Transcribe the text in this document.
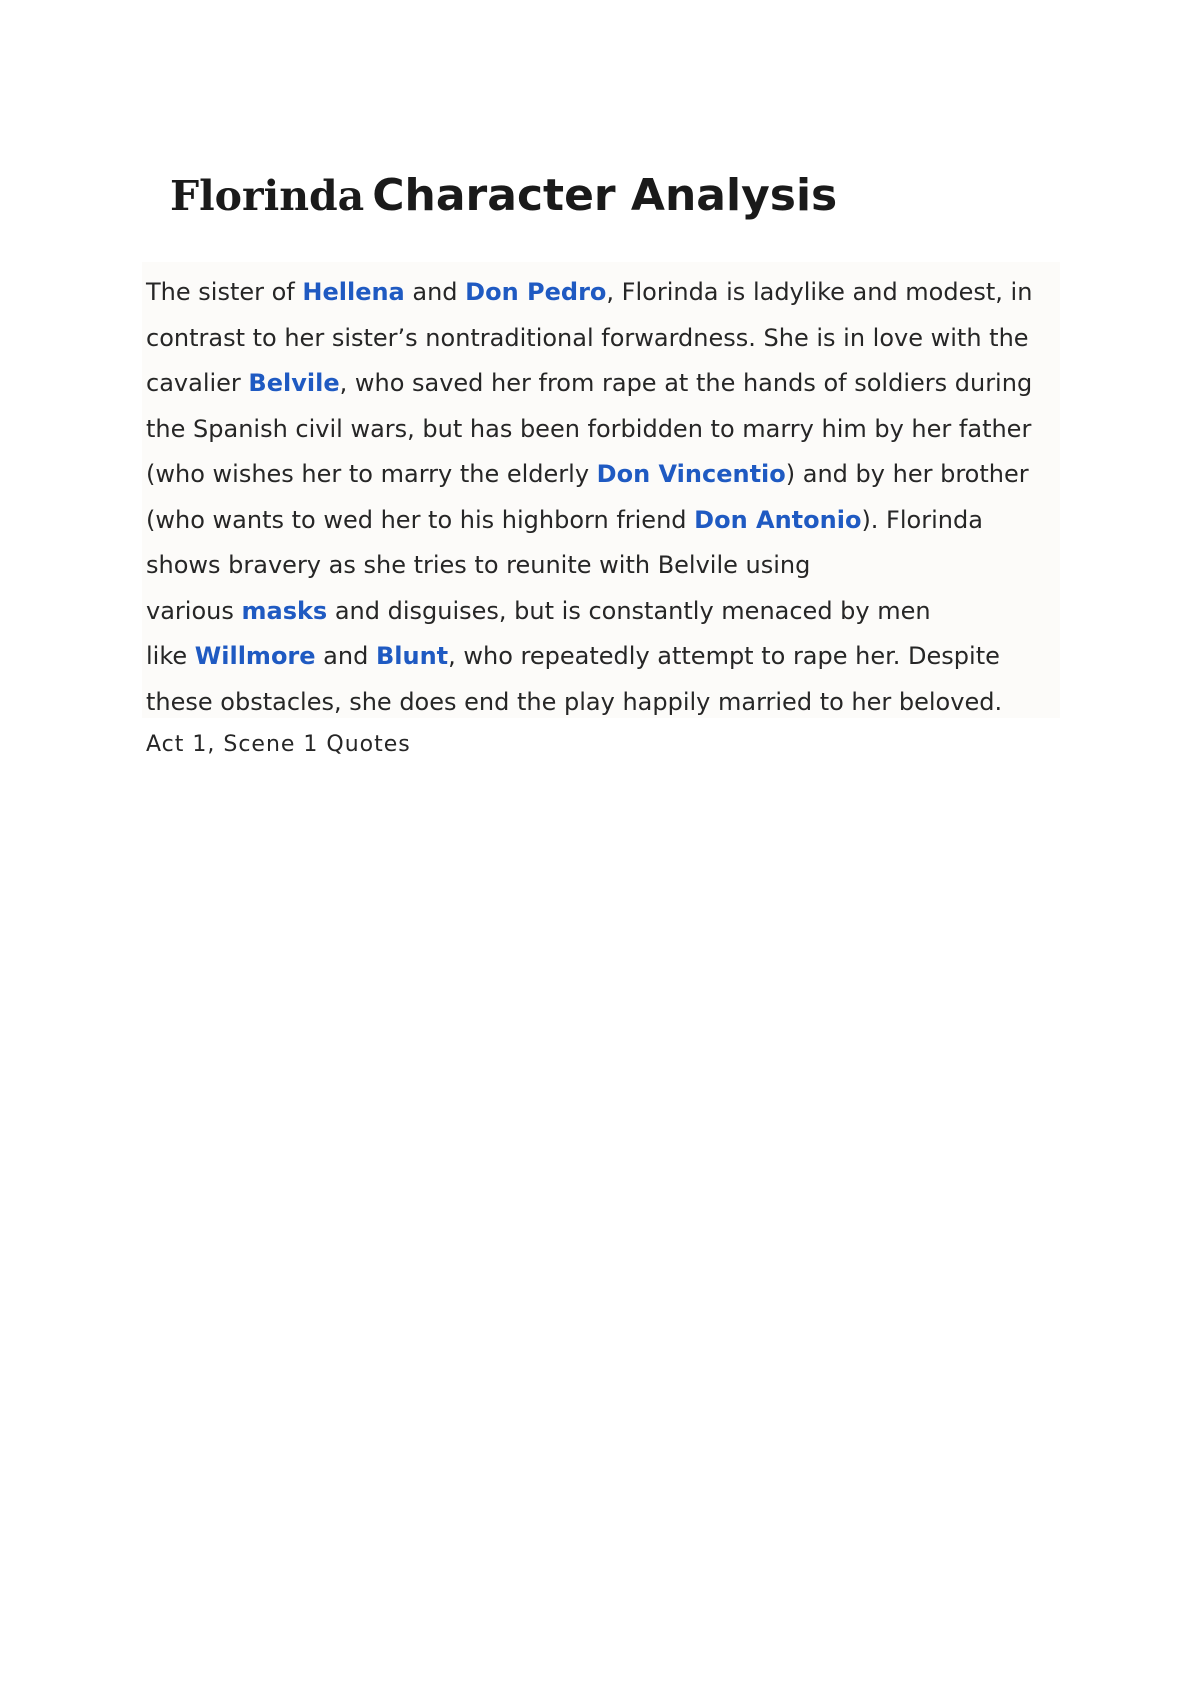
Florinda Character Analysis

The sister of Hellena and Don Pedro, Florinda is ladylike and modest, in
contrast to her sister’s nontraditional forwardness. She is in love with the
cavalier Belvile, who saved her from rape at the hands of soldiers during
the Spanish civil wars, but has been forbidden to marry him by her father
(who wishes her to marry the elderly Don Vincentio) and by her brother
(who wants to wed her to his highborn friend Don Antonio). Florinda
shows bravery as she tries to reunite with Belvile using
various masks and disguises, but is constantly menaced by men
like Willmore and Blunt, who repeatedly attempt to rape her. Despite
these obstacles, she does end the play happily married to her beloved.

Act 1, Scene 1 Quotes
